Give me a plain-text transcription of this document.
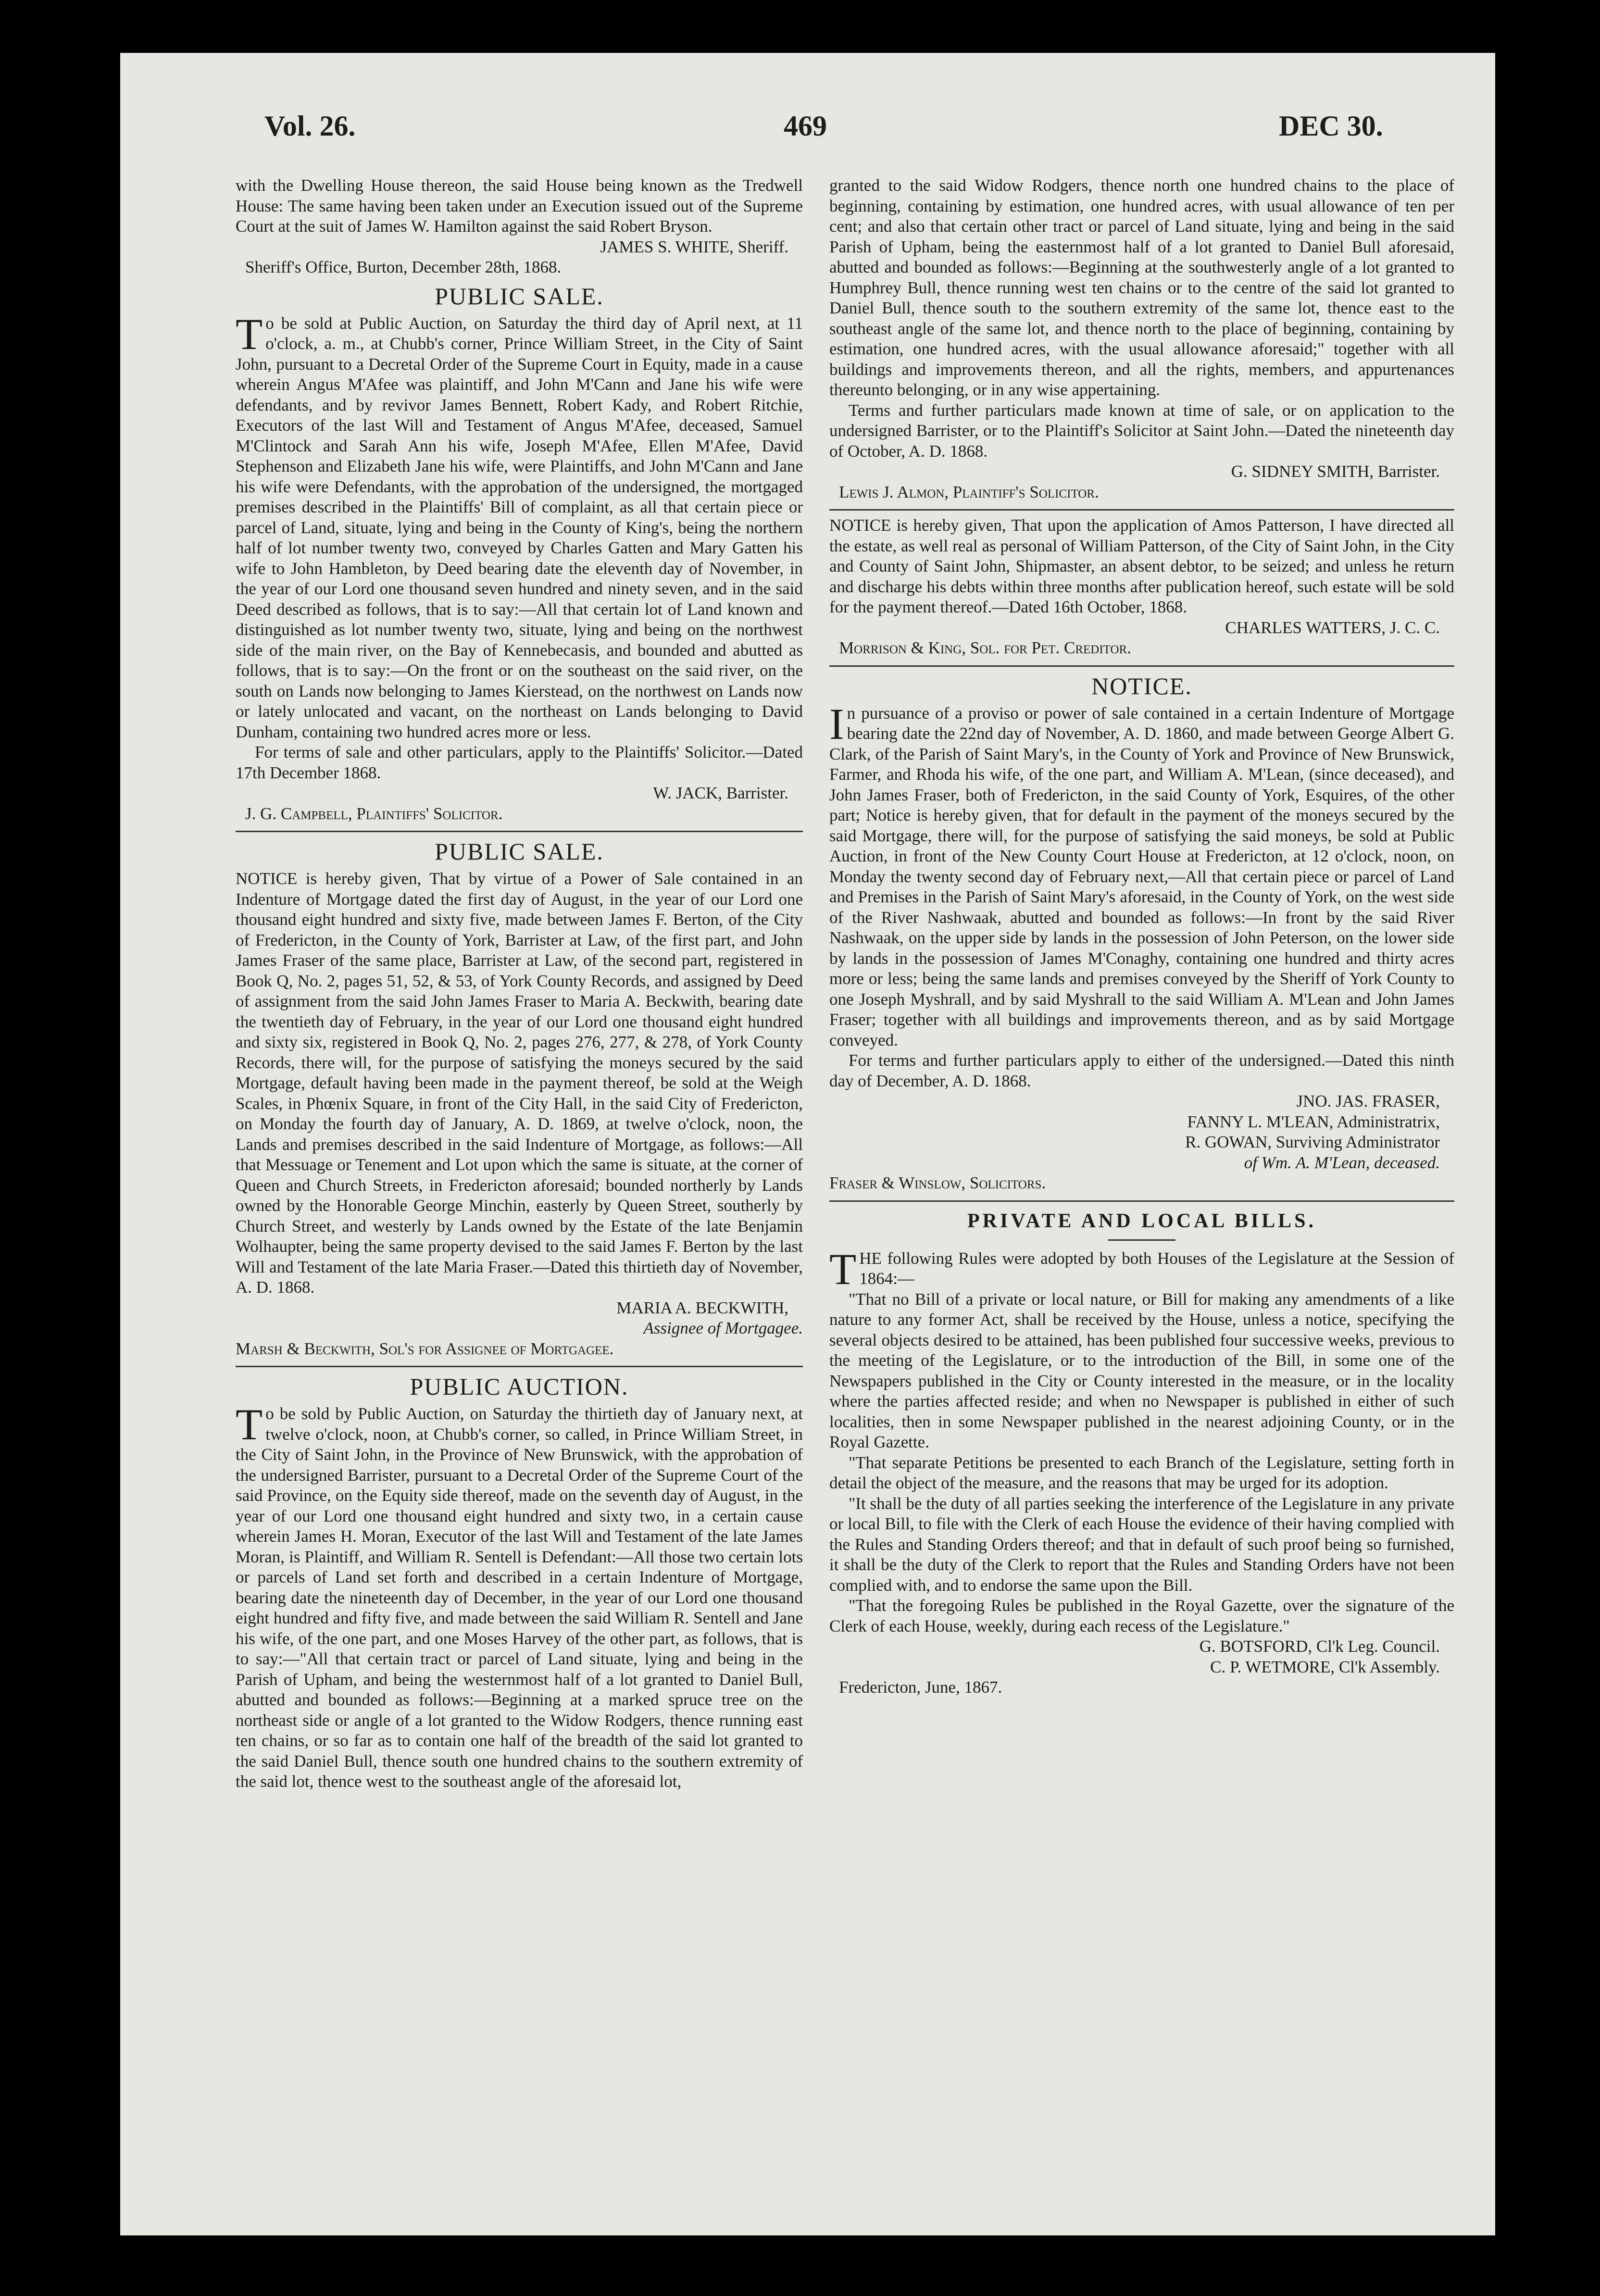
Vol. 26.	469	DEC 30.

with the Dwelling House thereon, the said House being known as the Tredwell House: The same having been taken under an Execution issued out of the Supreme Court at the suit of James W. Hamilton against the said Robert Bryson.

JAMES S. WHITE, Sheriff.

Sheriff's Office, Burton, December 28th, 1868.

PUBLIC SALE.

To be sold at Public Auction, on Saturday the third day of April next, at 11 o'clock, a. m., at Chubb's corner, Prince William Street, in the City of Saint John, pursuant to a Decretal Order of the Supreme Court in Equity, made in a cause wherein Angus M'Afee was plaintiff, and John M'Cann and Jane his wife were defendants, and by revivor James Bennett, Robert Kady, and Robert Ritchie, Executors of the last Will and Testament of Angus M'Afee, deceased, Samuel M'Clintock and Sarah Ann his wife, Joseph M'Afee, Ellen M'Afee, David Stephenson and Elizabeth Jane his wife, were Plaintiffs, and John M'Cann and Jane his wife were Defendants, with the approbation of the undersigned, the mortgaged premises described in the Plaintiffs' Bill of complaint, as all that certain piece or parcel of Land, situate, lying and being in the County of King's, being the northern half of lot number twenty two, conveyed by Charles Gatten and Mary Gatten his wife to John Hambleton, by Deed bearing date the eleventh day of November, in the year of our Lord one thousand seven hundred and ninety seven, and in the said Deed described as follows, that is to say:—All that certain lot of Land known and distinguished as lot number twenty two, situate, lying and being on the northwest side of the main river, on the Bay of Kennebecasis, and bounded and abutted as follows, that is to say:—On the front or on the southeast on the said river, on the south on Lands now belonging to James Kierstead, on the northwest on Lands now or lately unlocated and vacant, on the northeast on Lands belonging to David Dunham, containing two hundred acres more or less.

For terms of sale and other particulars, apply to the Plaintiffs' Solicitor.—Dated 17th December 1868.

W. JACK, Barrister.

J. G. Campbell, Plaintiffs' Solicitor.

PUBLIC SALE.

NOTICE is hereby given, That by virtue of a Power of Sale contained in an Indenture of Mortgage dated the first day of August, in the year of our Lord one thousand eight hundred and sixty five, made between James F. Berton, of the City of Fredericton, in the County of York, Barrister at Law, of the first part, and John James Fraser of the same place, Barrister at Law, of the second part, registered in Book Q, No. 2, pages 51, 52, & 53, of York County Records, and assigned by Deed of assignment from the said John James Fraser to Maria A. Beckwith, bearing date the twentieth day of February, in the year of our Lord one thousand eight hundred and sixty six, registered in Book Q, No. 2, pages 276, 277, & 278, of York County Records, there will, for the purpose of satisfying the moneys secured by the said Mortgage, default having been made in the payment thereof, be sold at the Weigh Scales, in Phœnix Square, in front of the City Hall, in the said City of Fredericton, on Monday the fourth day of January, A. D. 1869, at twelve o'clock, noon, the Lands and premises described in the said Indenture of Mortgage, as follows:—All that Messuage or Tenement and Lot upon which the same is situate, at the corner of Queen and Church Streets, in Fredericton aforesaid; bounded northerly by Lands owned by the Honorable George Minchin, easterly by Queen Street, southerly by Church Street, and westerly by Lands owned by the Estate of the late Benjamin Wolhaupter, being the same property devised to the said James F. Berton by the last Will and Testament of the late Maria Fraser.—Dated this thirtieth day of November, A. D. 1868.

MARIA A. BECKWITH,

Assignee of Mortgagee.

Marsh & Beckwith, Sol's for Assignee of Mortgagee.

PUBLIC AUCTION.

To be sold by Public Auction, on Saturday the thirtieth day of January next, at twelve o'clock, noon, at Chubb's corner, so called, in Prince William Street, in the City of Saint John, in the Province of New Brunswick, with the approbation of the undersigned Barrister, pursuant to a Decretal Order of the Supreme Court of the said Province, on the Equity side thereof, made on the seventh day of August, in the year of our Lord one thousand eight hundred and sixty two, in a certain cause wherein James H. Moran, Executor of the last Will and Testament of the late James Moran, is Plaintiff, and William R. Sentell is Defendant:—All those two certain lots or parcels of Land set forth and described in a certain Indenture of Mortgage, bearing date the nineteenth day of December, in the year of our Lord one thousand eight hundred and fifty five, and made between the said William R. Sentell and Jane his wife, of the one part, and one Moses Harvey of the other part, as follows, that is to say:—"All that certain tract or parcel of Land situate, lying and being in the Parish of Upham, and being the westernmost half of a lot granted to Daniel Bull, abutted and bounded as follows:—Beginning at a marked spruce tree on the northeast side or angle of a lot granted to the Widow Rodgers, thence running east ten chains, or so far as to contain one half of the breadth of the said lot granted to the said Daniel Bull, thence south one hundred chains to the southern extremity of the said lot, thence west to the southeast angle of the aforesaid lot,

granted to the said Widow Rodgers, thence north one hundred chains to the place of beginning, containing by estimation, one hundred acres, with usual allowance of ten per cent; and also that certain other tract or parcel of Land situate, lying and being in the said Parish of Upham, being the easternmost half of a lot granted to Daniel Bull aforesaid, abutted and bounded as follows:—Beginning at the southwesterly angle of a lot granted to Humphrey Bull, thence running west ten chains or to the centre of the said lot granted to Daniel Bull, thence south to the southern extremity of the same lot, thence east to the southeast angle of the same lot, and thence north to the place of beginning, containing by estimation, one hundred acres, with the usual allowance aforesaid;" together with all buildings and improvements thereon, and all the rights, members, and appurtenances thereunto belonging, or in any wise appertaining.

Terms and further particulars made known at time of sale, or on application to the undersigned Barrister, or to the Plaintiff's Solicitor at Saint John.—Dated the nineteenth day of October, A. D. 1868.

G. SIDNEY SMITH, Barrister.

Lewis J. Almon, Plaintiff's Solicitor.

NOTICE is hereby given, That upon the application of Amos Patterson, I have directed all the estate, as well real as personal of William Patterson, of the City of Saint John, in the City and County of Saint John, Shipmaster, an absent debtor, to be seized; and unless he return and discharge his debts within three months after publication hereof, such estate will be sold for the payment thereof.—Dated 16th October, 1868.

CHARLES WATTERS, J. C. C.

Morrison & King, Sol. for Pet. Creditor.

NOTICE.

In pursuance of a proviso or power of sale contained in a certain Indenture of Mortgage bearing date the 22nd day of November, A. D. 1860, and made between George Albert G. Clark, of the Parish of Saint Mary's, in the County of York and Province of New Brunswick, Farmer, and Rhoda his wife, of the one part, and William A. M'Lean, (since deceased), and John James Fraser, both of Fredericton, in the said County of York, Esquires, of the other part; Notice is hereby given, that for default in the payment of the moneys secured by the said Mortgage, there will, for the purpose of satisfying the said moneys, be sold at Public Auction, in front of the New County Court House at Fredericton, at 12 o'clock, noon, on Monday the twenty second day of February next,—All that certain piece or parcel of Land and Premises in the Parish of Saint Mary's aforesaid, in the County of York, on the west side of the River Nashwaak, abutted and bounded as follows:—In front by the said River Nashwaak, on the upper side by lands in the possession of John Peterson, on the lower side by lands in the possession of James M'Conaghy, containing one hundred and thirty acres more or less; being the same lands and premises conveyed by the Sheriff of York County to one Joseph Myshrall, and by said Myshrall to the said William A. M'Lean and John James Fraser; together with all buildings and improvements thereon, and as by said Mortgage conveyed.

For terms and further particulars apply to either of the undersigned.—Dated this ninth day of December, A. D. 1868.

JNO. JAS. FRASER,

FANNY L. M'LEAN, Administratrix,

R. GOWAN, Surviving Administrator

of Wm. A. M'Lean, deceased.

Fraser & Winslow, Solicitors.

PRIVATE AND LOCAL BILLS.

THE following Rules were adopted by both Houses of the Legislature at the Session of 1864:—

"That no Bill of a private or local nature, or Bill for making any amendments of a like nature to any former Act, shall be received by the House, unless a notice, specifying the several objects desired to be attained, has been published four successive weeks, previous to the meeting of the Legislature, or to the introduction of the Bill, in some one of the Newspapers published in the City or County interested in the measure, or in the locality where the parties affected reside; and when no Newspaper is published in either of such localities, then in some Newspaper published in the nearest adjoining County, or in the Royal Gazette.

"That separate Petitions be presented to each Branch of the Legislature, setting forth in detail the object of the measure, and the reasons that may be urged for its adoption.

"It shall be the duty of all parties seeking the interference of the Legislature in any private or local Bill, to file with the Clerk of each House the evidence of their having complied with the Rules and Standing Orders thereof; and that in default of such proof being so furnished, it shall be the duty of the Clerk to report that the Rules and Standing Orders have not been complied with, and to endorse the same upon the Bill.

"That the foregoing Rules be published in the Royal Gazette, over the signature of the Clerk of each House, weekly, during each recess of the Legislature."

G. BOTSFORD, Cl'k Leg. Council.

C. P. WETMORE, Cl'k Assembly.

Fredericton, June, 1867.
